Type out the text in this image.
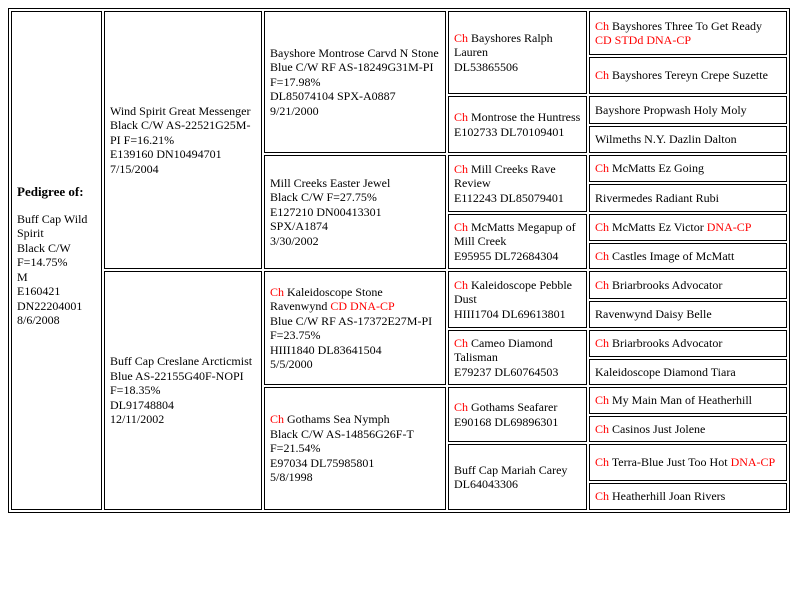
Pedigree of:
Buff Cap Wild Spirit
Black C/W
F=14.75%
M
E160421
DN22204001
8/6/2008
Wind Spirit Great Messenger
Black C/W AS-22521G25M-PI F=16.21%
E139160 DN10494701
7/15/2004
Buff Cap Creslane Arcticmist
Blue AS-22155G40F-NOPI F=18.35%
DL91748804
12/11/2002
Bayshore Montrose Carvd N Stone
Blue C/W RF AS-18249G31M-PI F=17.98%
DL85074104 SPX-A0887
9/21/2000
Mill Creeks Easter Jewel
Black C/W F=27.75%
E127210 DN00413301 SPX/A1874
3/30/2002
Ch Kaleidoscope Stone Ravenwynd CD DNA-CP
Blue C/W RF AS-17372E27M-PI F=23.75%
HIII1840 DL83641504
5/5/2000
Ch Gothams Sea Nymph
Black C/W AS-14856G26F-T F=21.54%
E97034 DL75985801
5/8/1998
Ch Bayshores Ralph Lauren
DL53865506
Ch Montrose the Huntress
E102733 DL70109401
Ch Mill Creeks Rave Review
E112243 DL85079401
Ch McMatts Megapup of Mill Creek
E95955 DL72684304
Ch Kaleidoscope Pebble Dust
HIII1704 DL69613801
Ch Cameo Diamond Talisman
E79237 DL60764503
Ch Gothams Seafarer
E90168 DL69896301
Buff Cap Mariah Carey
DL64043306
Ch Bayshores Three To Get Ready CD STDd DNA-CP
Ch Bayshores Tereyn Crepe Suzette
Bayshore Propwash Holy Moly
Wilmeths N.Y. Dazlin Dalton
Ch McMatts Ez Going
Rivermedes Radiant Rubi
Ch McMatts Ez Victor DNA-CP
Ch Castles Image of McMatt
Ch Briarbrooks Advocator
Ravenwynd Daisy Belle
Ch Briarbrooks Advocator
Kaleidoscope Diamond Tiara
Ch My Main Man of Heatherhill
Ch Casinos Just Jolene
Ch Terra-Blue Just Too Hot DNA-CP
Ch Heatherhill Joan Rivers
